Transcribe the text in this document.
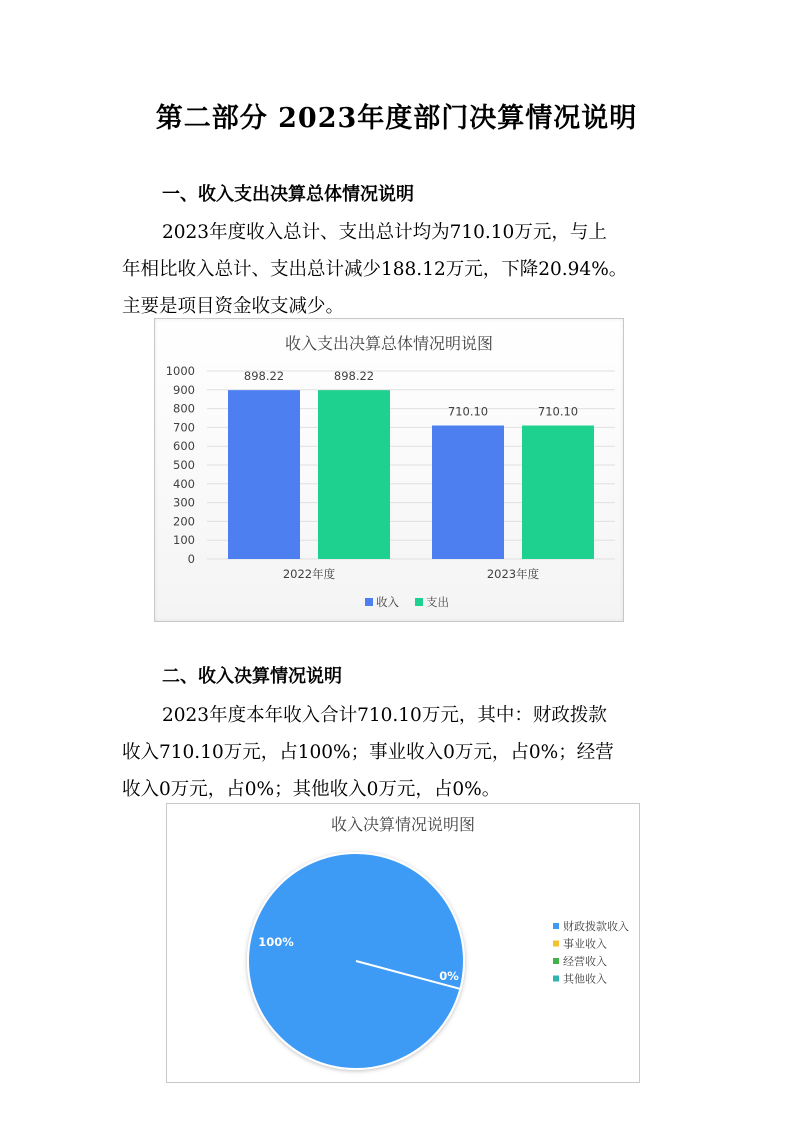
第二部分 2023年度部门决算情况说明
一、收入支出决算总体情况说明
2023年度收入总计、支出总计均为710.10万元，与上
年相比收入总计、支出总计减少188.12万元，下降20.94%。
主要是项目资金收支减少。
收入支出决算总体情况明说图
0
100
200
300
400
500
600
700
800
900
1000
2022年度
898.22	898.22
2023年度
710.10	710.10
收入 支出
二、收入决算情况说明
2023年度本年收入合计710.10万元，其中：财政拨款
收入710.10万元，占100%；事业收入0万元，占0%；经营
收入0万元，占0%；其他收入0万元，占0%。
收入决算情况说明图
100%
0%
财政拨款收入
事业收入
经营收入
其他收入
